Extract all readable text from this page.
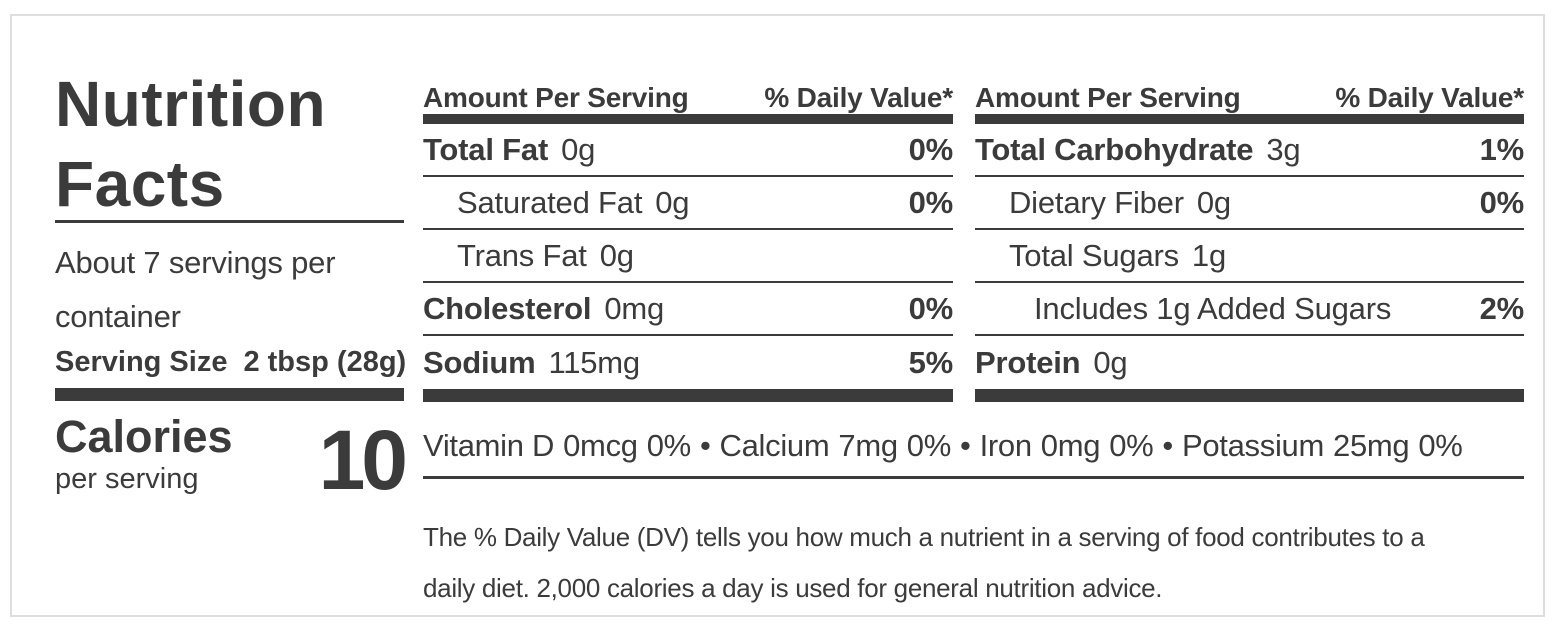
Nutrition
Facts
About 7 servings per container
Serving Size 2 tbsp (28g)
Calories
per serving	10
Amount Per Serving	% Daily Value*
Total Fat 0g	0%
Saturated Fat 0g	0%
Trans Fat 0g
Cholesterol 0mg	0%
Sodium 115mg	5%
Amount Per Serving	% Daily Value*
Total Carbohydrate 3g	1%
Dietary Fiber 0g	0%
Total Sugars 1g
Includes 1g Added Sugars	2%
Protein 0g
Vitamin D 0mcg 0% • Calcium 7mg 0% • Iron 0mg 0% • Potassium 25mg 0%
The % Daily Value (DV) tells you how much a nutrient in a serving of food contributes to a
daily diet. 2,000 calories a day is used for general nutrition advice.
